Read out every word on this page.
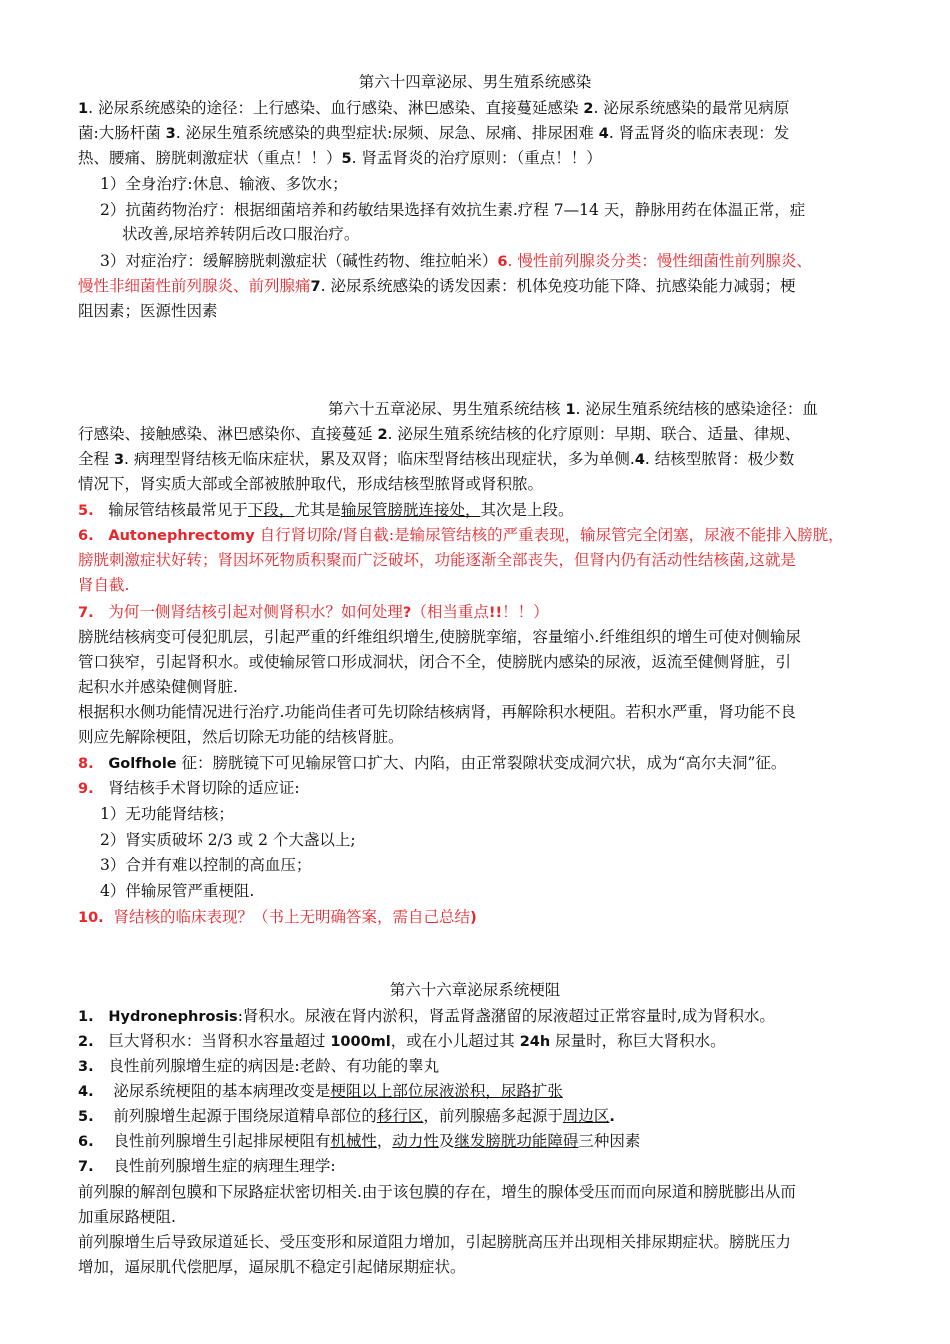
第六十四章泌尿、男生殖系统感染
1. 泌尿系统感染的途径：上行感染、血行感染、淋巴感染、直接蔓延感染 2. 泌尿系统感染的最常见病原
菌:大肠杆菌 3. 泌尿生殖系统感染的典型症状:尿频、尿急、尿痛、排尿困难 4. 肾盂肾炎的临床表现：发
热、腰痛、膀胱刺激症状（重点！！）5. 肾盂肾炎的治疗原则：（重点！！）
1）全身治疗:休息、输液、多饮水；
2）抗菌药物治疗：根据细菌培养和药敏结果选择有效抗生素.疗程 7—14 天，静脉用药在体温正常，症
状改善,尿培养转阴后改口服治疗。
3）对症治疗：缓解膀胱刺激症状（碱性药物、维拉帕米）6. 慢性前列腺炎分类：慢性细菌性前列腺炎、
慢性非细菌性前列腺炎、前列腺痛7. 泌尿系统感染的诱发因素：机体免疫功能下降、抗感染能力减弱；梗
阻因素；医源性因素
第六十五章泌尿、男生殖系统结核 1. 泌尿生殖系统结核的感染途径：血
行感染、接触感染、淋巴感染你、直接蔓延 2. 泌尿生殖系统结核的化疗原则：早期、联合、适量、律规、
全程 3. 病理型肾结核无临床症状，累及双肾；临床型肾结核出现症状，多为单侧.4. 结核型脓肾：极少数
情况下，肾实质大部或全部被脓肿取代，形成结核型脓肾或肾积脓。
5. 输尿管结核最常见于下段，尤其是输尿管膀胱连接处，其次是上段。
6. Autonephrectomy 自行肾切除/肾自截:是输尿管结核的严重表现，输尿管完全闭塞，尿液不能排入膀胱，
膀胱刺激症状好转；肾因坏死物质积聚而广泛破坏，功能逐渐全部丧失，但肾内仍有活动性结核菌,这就是
肾自截.
7. 为何一侧肾结核引起对侧肾积水？如何处理?（相当重点!!！！）
膀胱结核病变可侵犯肌层，引起严重的纤维组织增生,使膀胱挛缩，容量缩小.纤维组织的增生可使对侧输尿
管口狭窄，引起肾积水。或使输尿管口形成洞状，闭合不全，使膀胱内感染的尿液，返流至健侧肾脏，引
起积水并感染健侧肾脏.
根据积水侧功能情况进行治疗.功能尚佳者可先切除结核病肾，再解除积水梗阻。若积水严重，肾功能不良
则应先解除梗阻，然后切除无功能的结核肾脏。
8. Golfhole 征：膀胱镜下可见输尿管口扩大、内陷，由正常裂隙状变成洞穴状，成为“高尔夫洞”征。
9. 肾结核手术肾切除的适应证:
1）无功能肾结核；
2）肾实质破坏 2/3 或 2 个大盏以上;
3）合并有难以控制的高血压；
4）伴输尿管严重梗阻.
10. 肾结核的临床表现？（书上无明确答案，需自己总结)
第六十六章泌尿系统梗阻
1. Hydronephrosis:肾积水。尿液在肾内淤积，肾盂肾盏潴留的尿液超过正常容量时,成为肾积水。
2. 巨大肾积水：当肾积水容量超过 1000ml，或在小儿超过其 24h 尿量时，称巨大肾积水。
3. 良性前列腺增生症的病因是:老龄、有功能的睾丸
4. 泌尿系统梗阻的基本病理改变是梗阻以上部位尿液淤积，尿路扩张
5. 前列腺增生起源于围绕尿道精阜部位的移行区，前列腺癌多起源于周边区.
6. 良性前列腺增生引起排尿梗阻有机械性，动力性及继发膀胱功能障碍三种因素
7. 良性前列腺增生症的病理生理学:
前列腺的解剖包膜和下尿路症状密切相关.由于该包膜的存在，增生的腺体受压而而向尿道和膀胱膨出从而
加重尿路梗阻.
前列腺增生后导致尿道延长、受压变形和尿道阻力增加，引起膀胱高压并出现相关排尿期症状。膀胱压力
增加，逼尿肌代偿肥厚，逼尿肌不稳定引起储尿期症状。
